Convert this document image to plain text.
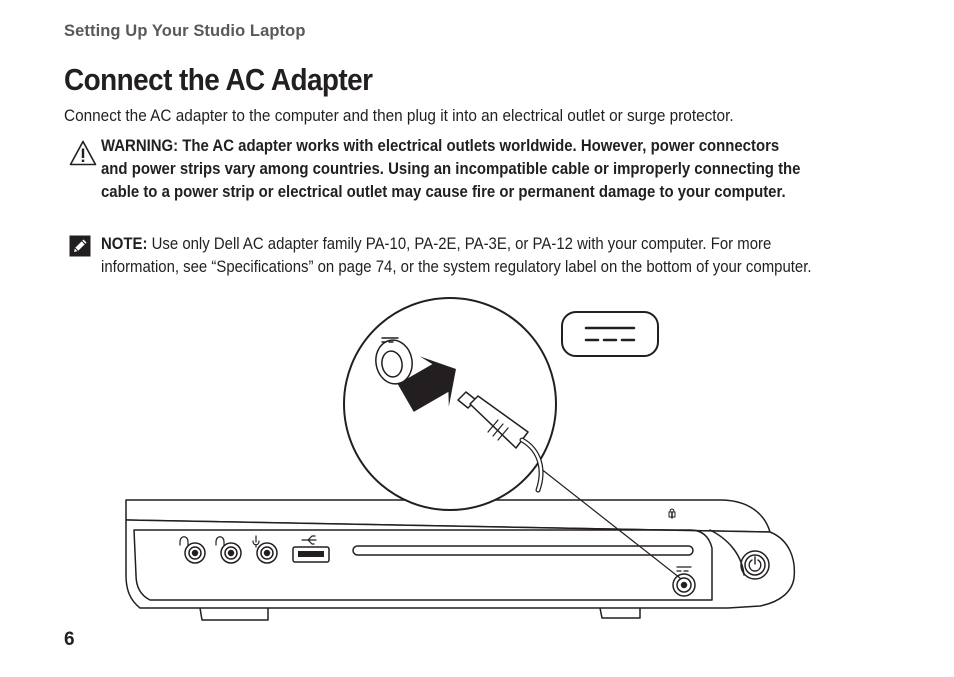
Setting Up Your Studio Laptop
Connect the AC Adapter

Connect the AC adapter to the computer and then plug it into an electrical outlet or surge protector.

WARNING: The AC adapter works with electrical outlets worldwide. However, power connectors and power strips vary among countries. Using an incompatible cable or improperly connecting the cable to a power strip or electrical outlet may cause fire or permanent damage to your computer.

NOTE: Use only Dell AC adapter family PA-10, PA-2E, PA-3E, or PA-12 with your computer. For more information, see “Specifications” on page 74, or the system regulatory label on the bottom of your computer.

6
